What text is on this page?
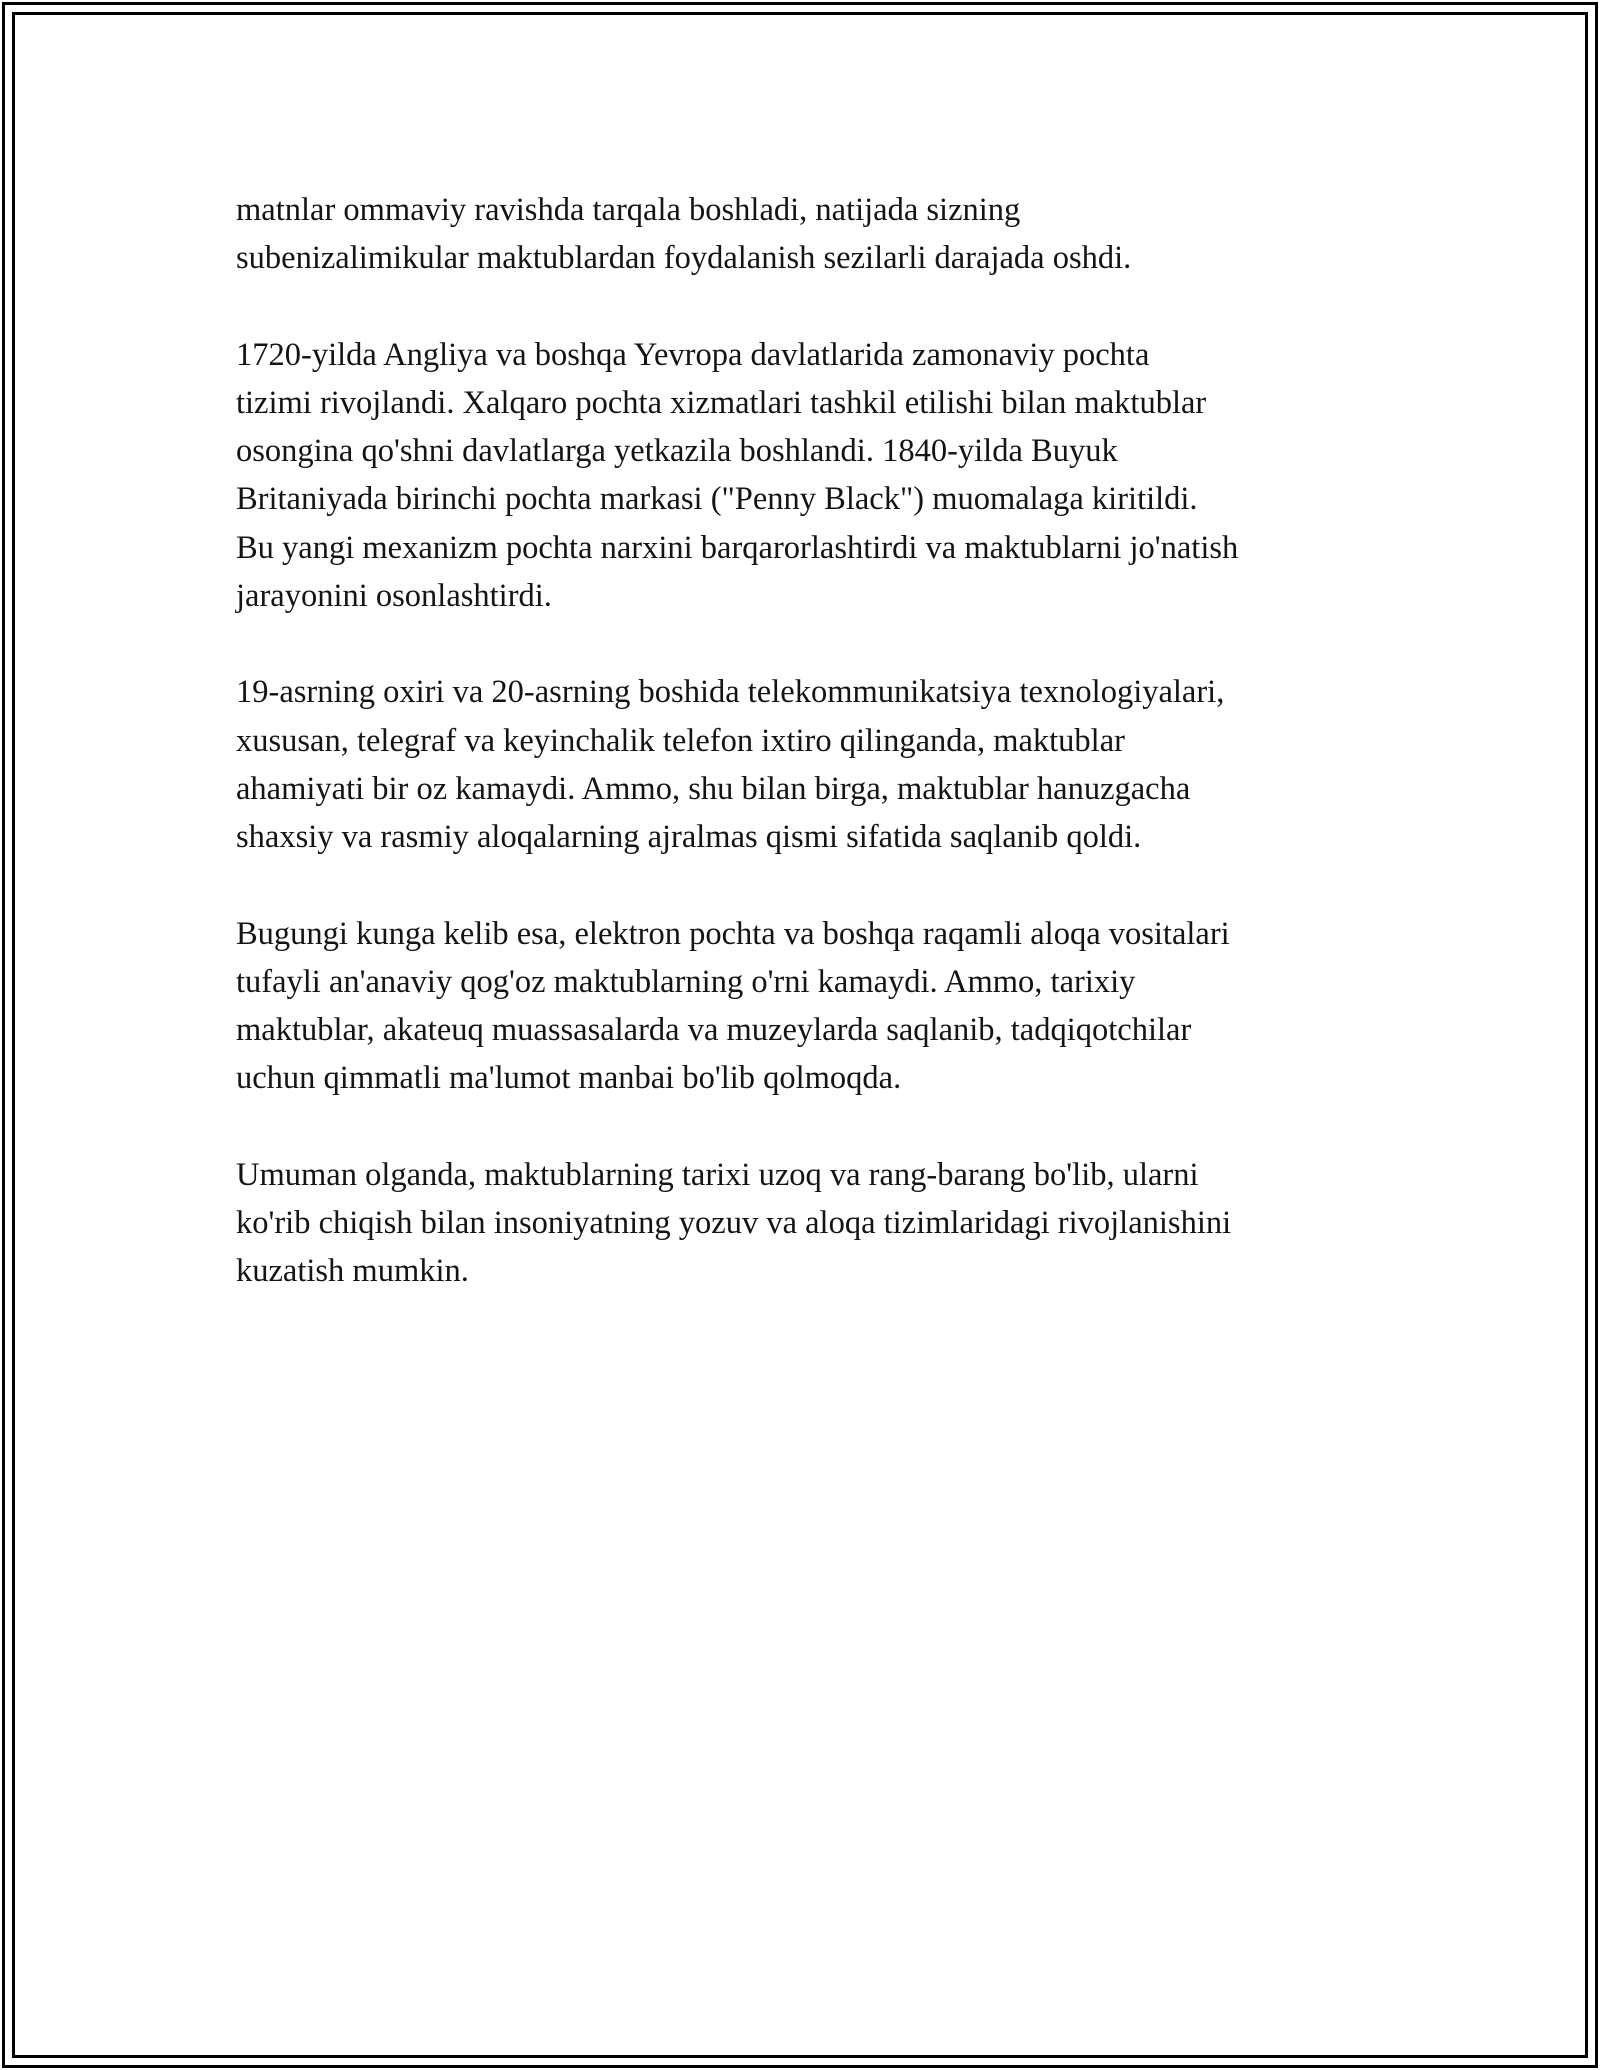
matnlar ommaviy ravishda tarqala boshladi, natijada sizning
subenizalimikular maktublardan foydalanish sezilarli darajada oshdi.

1720-yilda Angliya va boshqa Yevropa davlatlarida zamonaviy pochta
tizimi rivojlandi. Xalqaro pochta xizmatlari tashkil etilishi bilan maktublar
osongina qo'shni davlatlarga yetkazila boshlandi. 1840-yilda Buyuk
Britaniyada birinchi pochta markasi ("Penny Black") muomalaga kiritildi.
Bu yangi mexanizm pochta narxini barqarorlashtirdi va maktublarni jo'natish
jarayonini osonlashtirdi.

19-asrning oxiri va 20-asrning boshida telekommunikatsiya texnologiyalari,
xususan, telegraf va keyinchalik telefon ixtiro qilinganda, maktublar
ahamiyati bir oz kamaydi. Ammo, shu bilan birga, maktublar hanuzgacha
shaxsiy va rasmiy aloqalarning ajralmas qismi sifatida saqlanib qoldi.

Bugungi kunga kelib esa, elektron pochta va boshqa raqamli aloqa vositalari
tufayli an'anaviy qog'oz maktublarning o'rni kamaydi. Ammo, tarixiy
maktublar, akateuq muassasalarda va muzeylarda saqlanib, tadqiqotchilar
uchun qimmatli ma'lumot manbai bo'lib qolmoqda.

Umuman olganda, maktublarning tarixi uzoq va rang-barang bo'lib, ularni
ko'rib chiqish bilan insoniyatning yozuv va aloqa tizimlaridagi rivojlanishini
kuzatish mumkin.
